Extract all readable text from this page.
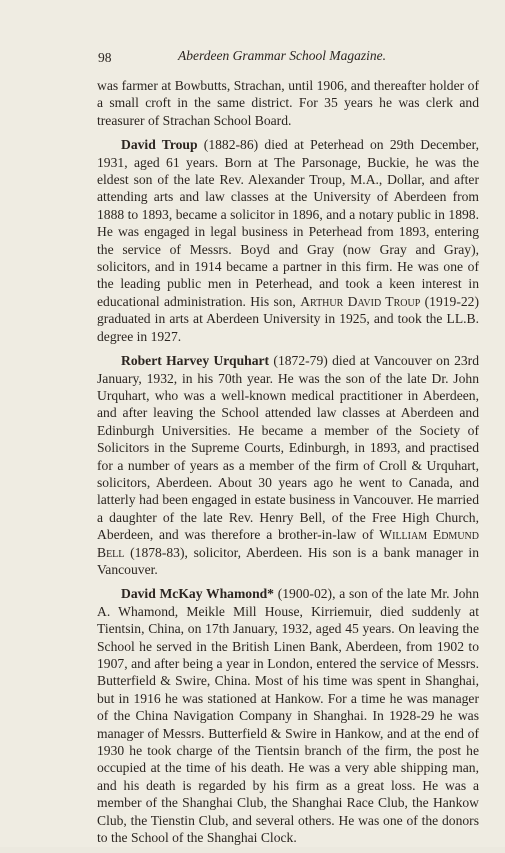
98	Aberdeen Grammar School Magazine.

was farmer at Bowbutts, Strachan, until 1906, and thereafter holder of a small croft in the same district. For 35 years he was clerk and treasurer of Strachan School Board.

David Troup (1882-86) died at Peterhead on 29th December, 1931, aged 61 years. Born at The Parsonage, Buckie, he was the eldest son of the late Rev. Alexander Troup, M.A., Dollar, and after attending arts and law classes at the University of Aberdeen from 1888 to 1893, became a solicitor in 1896, and a notary public in 1898. He was engaged in legal business in Peterhead from 1893, entering the service of Messrs. Boyd and Gray (now Gray and Gray), solicitors, and in 1914 became a partner in this firm. He was one of the leading public men in Peterhead, and took a keen interest in educational administration. His son, Arthur David Troup (1919-22) graduated in arts at Aberdeen University in 1925, and took the LL.B. degree in 1927.

Robert Harvey Urquhart (1872-79) died at Vancouver on 23rd January, 1932, in his 70th year. He was the son of the late Dr. John Urquhart, who was a well-known medical practitioner in Aberdeen, and after leaving the School attended law classes at Aberdeen and Edinburgh Universities. He became a member of the Society of Solicitors in the Supreme Courts, Edinburgh, in 1893, and practised for a number of years as a member of the firm of Croll & Urquhart, solicitors, Aberdeen. About 30 years ago he went to Canada, and latterly had been engaged in estate business in Vancouver. He married a daughter of the late Rev. Henry Bell, of the Free High Church, Aberdeen, and was therefore a brother-in-law of William Edmund Bell (1878-83), solicitor, Aberdeen. His son is a bank manager in Vancouver.

David McKay Whamond* (1900-02), a son of the late Mr. John A. Whamond, Meikle Mill House, Kirriemuir, died suddenly at Tientsin, China, on 17th January, 1932, aged 45 years. On leaving the School he served in the British Linen Bank, Aberdeen, from 1902 to 1907, and after being a year in London, entered the service of Messrs. Butterfield & Swire, China. Most of his time was spent in Shanghai, but in 1916 he was stationed at Hankow. For a time he was manager of the China Navigation Company in Shanghai. In 1928-29 he was manager of Messrs. Butterfield & Swire in Hankow, and at the end of 1930 he took charge of the Tientsin branch of the firm, the post he occupied at the time of his death. He was a very able shipping man, and his death is regarded by his firm as a great loss. He was a member of the Shanghai Club, the Shanghai Race Club, the Hankow Club, the Tienstin Club, and several others. He was one of the donors to the School of the Shanghai Clock.
